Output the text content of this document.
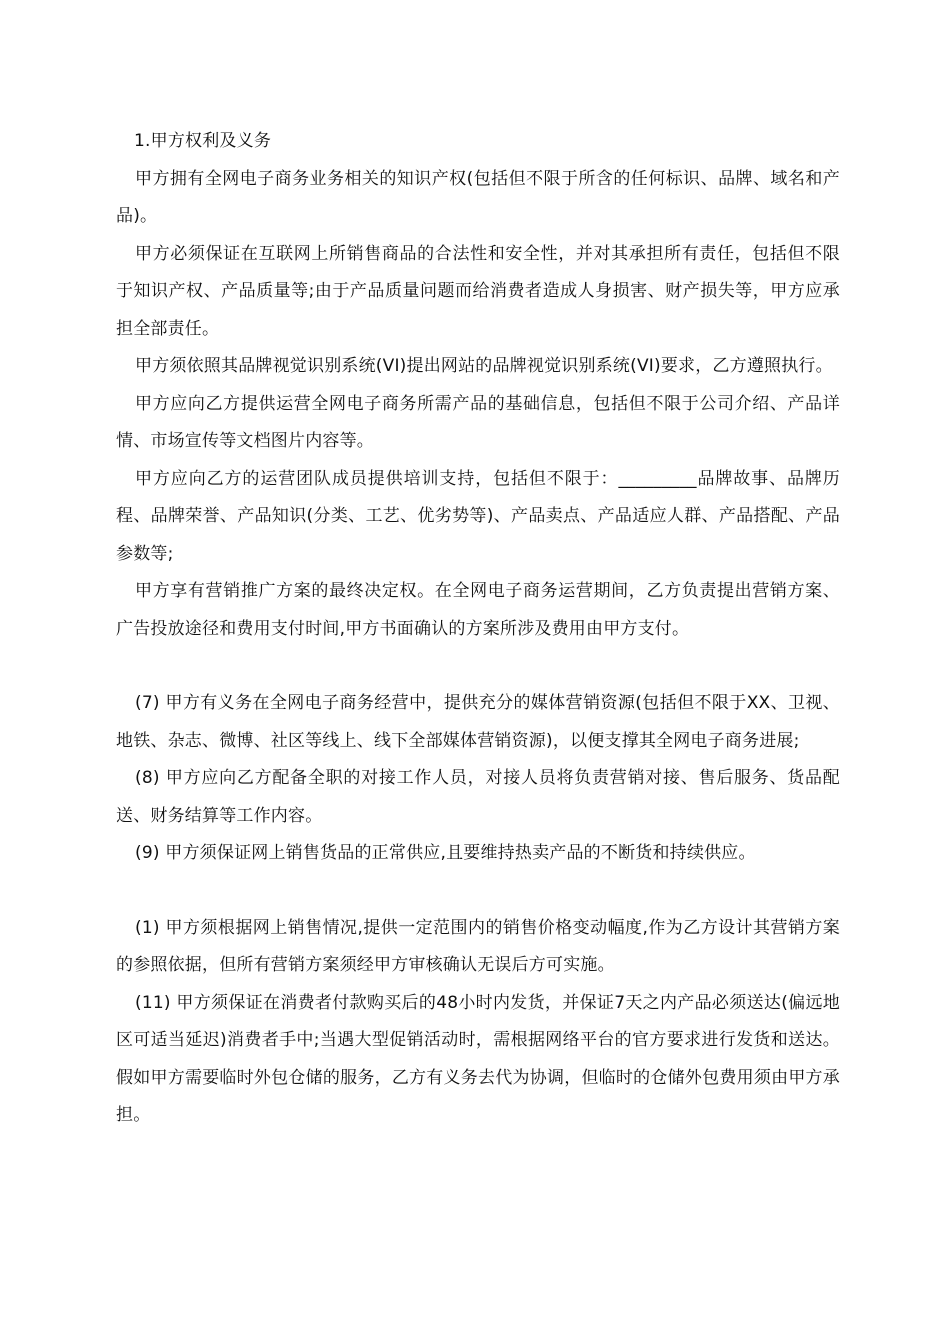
1.甲方权利及义务

甲方拥有全网电子商务业务相关的知识产权(包括但不限于所含的任何标识、品牌、域名和产品)。

甲方必须保证在互联网上所销售商品的合法性和安全性，并对其承担所有责任，包括但不限于知识产权、产品质量等;由于产品质量问题而给消费者造成人身损害、财产损失等，甲方应承担全部责任。

甲方须依照其品牌视觉识别系统(VI)提出网站的品牌视觉识别系统(VI)要求，乙方遵照执行。

甲方应向乙方提供运营全网电子商务所需产品的基础信息，包括但不限于公司介绍、产品详情、市场宣传等文档图片内容等。

甲方应向乙方的运营团队成员提供培训支持，包括但不限于：_________品牌故事、品牌历程、品牌荣誉、产品知识(分类、工艺、优劣势等)、产品卖点、产品适应人群、产品搭配、产品参数等;

甲方享有营销推广方案的最终决定权。在全网电子商务运营期间，乙方负责提出营销方案、广告投放途径和费用支付时间,甲方书面确认的方案所涉及费用由甲方支付。

(7) 甲方有义务在全网电子商务经营中，提供充分的媒体营销资源(包括但不限于XX、卫视、地铁、杂志、微博、社区等线上、线下全部媒体营销资源)，以便支撑其全网电子商务进展;

(8) 甲方应向乙方配备全职的对接工作人员，对接人员将负责营销对接、售后服务、货品配送、财务结算等工作内容。

(9) 甲方须保证网上销售货品的正常供应,且要维持热卖产品的不断货和持续供应。

(1) 甲方须根据网上销售情况,提供一定范围内的销售价格变动幅度,作为乙方设计其营销方案的参照依据，但所有营销方案须经甲方审核确认无误后方可实施。

(11) 甲方须保证在消费者付款购买后的48小时内发货，并保证7天之内产品必须送达(偏远地区可适当延迟)消费者手中;当遇大型促销活动时，需根据网络平台的官方要求进行发货和送达。假如甲方需要临时外包仓储的服务，乙方有义务去代为协调，但临时的仓储外包费用须由甲方承担。
